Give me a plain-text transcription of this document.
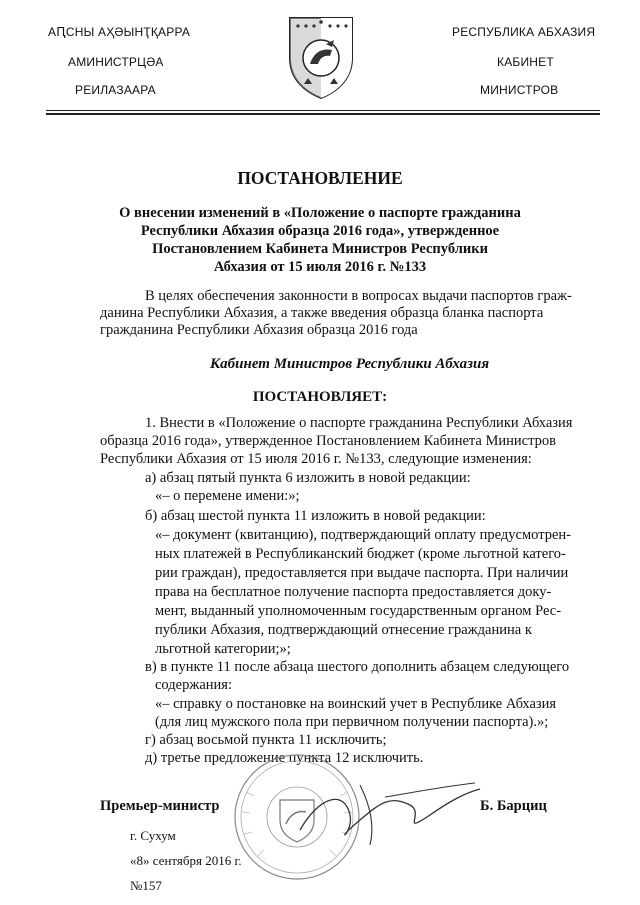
АԤСНЫ АҲӘЫНҬҚАРРА
АМИНИСТРЦӘА
РЕИЛАЗААРА
РЕСПУБЛИКА АБХАЗИЯ
КАБИНЕТ
МИНИСТРОВ
ПОСТАНОВЛЕНИЕ
О внесении изменений в «Положение о паспорте гражданина
Республики Абхазия образца 2016 года», утвержденное
Постановлением Кабинета Министров Республики
Абхазия от 15 июля 2016 г. №133
В целях обеспечения законности в вопросах выдачи паспортов граж-
данина Республики Абхазия, а также введения образца бланка паспорта
гражданина Республики Абхазия образца 2016 года
Кабинет Министров Республики Абхазия
ПОСТАНОВЛЯЕТ:
1. Внести в «Положение о паспорте гражданина Республики Абхазия
образца 2016 года», утвержденное Постановлением Кабинета Министров
Республики Абхазия от 15 июля 2016 г. №133, следующие изменения:
а) абзац пятый пункта 6 изложить в новой редакции:
«– о перемене имени:»;
б) абзац шестой пункта 11 изложить в новой редакции:
«– документ (квитанцию), подтверждающий оплату предусмотрен-
ных платежей в Республиканский бюджет (кроме льготной катего-
рии граждан), предоставляется при выдаче паспорта. При наличии
права на бесплатное получение паспорта предоставляется доку-
мент, выданный уполномоченным государственным органом Рес-
публики Абхазия, подтверждающий отнесение гражданина к
льготной категории;»;
в) в пункте 11 после абзаца шестого дополнить абзацем следующего
содержания:
«– справку о постановке на воинский учет в Республике Абхазия
(для лиц мужского пола при первичном получении паспорта).»;
г) абзац восьмой пункта 11 исключить;
д) третье предложение пункта 12 исключить.
Премьер-министр	Б. Барциц
г. Сухум
«8» сентября 2016 г.
№157
